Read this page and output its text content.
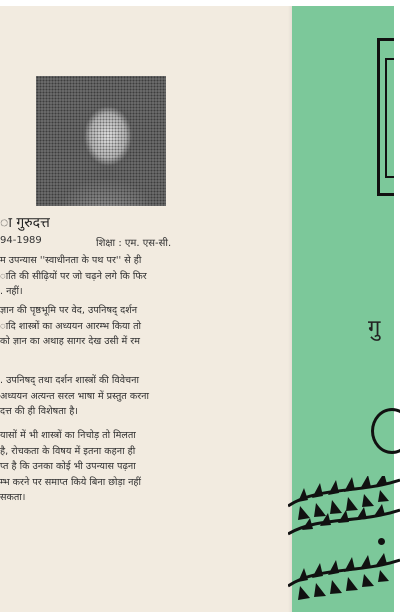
ा गुरुदत्त
94-1989	शिक्षा : एम. एस-सी.
म उपन्यास ''स्वाधीनता के पथ पर'' से ही
ाति की सीढ़ियों पर जो चढ़ने लगे कि फिर
. नहीं।
ज्ञान की पृष्ठभूमि पर वेद, उपनिषद् दर्शन
ादि शास्त्रों का अध्ययन आरम्भ किया तो
को ज्ञान का अथाह सागर देख उसी में रम
. उपनिषद् तथा दर्शन शास्त्रों की विवेचना
अध्ययन अत्यन्त सरल भाषा में प्रस्तुत करना
दत्त की ही विशेषता है।
यासों में भी शास्त्रों का निचोड़ तो मिलता
है, रोचकता के विषय में इतना कहना ही
प्त है कि उनका कोई भी उपन्यास पढ़ना
म्भ करने पर समाप्त किये बिना छोड़ा नहीं
सकता।
गु
